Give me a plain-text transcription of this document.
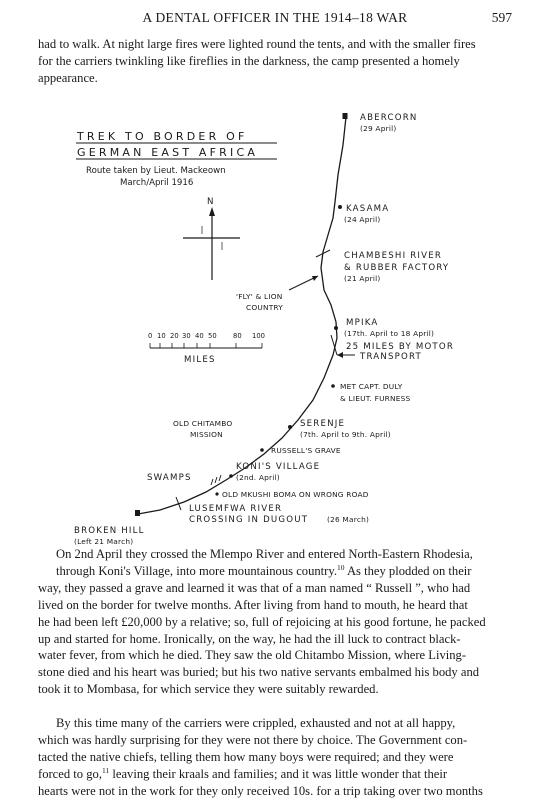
A DENTAL OFFICER IN THE 1914–18 WAR	597

had to walk. At night large fires were lighted round the tents, and with the smaller fires

for the carriers twinkling like fireflies in the darkness, the camp presented a homely

appearance.

TREK TO BORDER OF
GERMAN EAST AFRICA
Route taken by Lieut. Mackeown
March/April 1916
N
0 10 20 30 40 50 80 100
MILES
ABERCORN
(29 April)
KASAMA
(24 April)
CHAMBESHI RIVER
& RUBBER FACTORY
(21 April)
'FLY' & LION
COUNTRY
MPIKA
(17th. April to 18 April)
25 MILES BY MOTOR
TRANSPORT
MET CAPT. DULY
& LIEUT. FURNESS
OLD CHITAMBO
MISSION
SERENJE
(7th. April to 9th. April)
RUSSELL'S GRAVE
KONI'S VILLAGE
(2nd. April)
SWAMPS
OLD MKUSHI BOMA ON WRONG ROAD
LUSEMFWA RIVER
CROSSING IN DUGOUT	(26 March)
BROKEN HILL
(Left 21 March)

On 2nd April they crossed the Mlempo River and entered North-Eastern Rhodesia,

through Koni's Village, into more mountainous country.$^{10}$ As they plodded on their

way, they passed a grave and learned it was that of a man named “ Russell ”, who had

lived on the border for twelve months. After living from hand to mouth, he heard that

he had been left £20,000 by a relative; so, full of rejoicing at his good fortune, he packed

up and started for home. Ironically, on the way, he had the ill luck to contract black-

water fever, from which he died. They saw the old Chitambo Mission, where Living-

stone died and his heart was buried; but his two native servants embalmed his body and

took it to Mombasa, for which service they were suitably rewarded.

By this time many of the carriers were crippled, exhausted and not at all happy,

which was hardly surprising for they were not there by choice. The Government con-

tacted the native chiefs, telling them how many boys were required; and they were

forced to go,$^{11}$ leaving their kraals and families; and it was little wonder that their

hearts were not in the work for they only received 10s. for a trip taking over two months
